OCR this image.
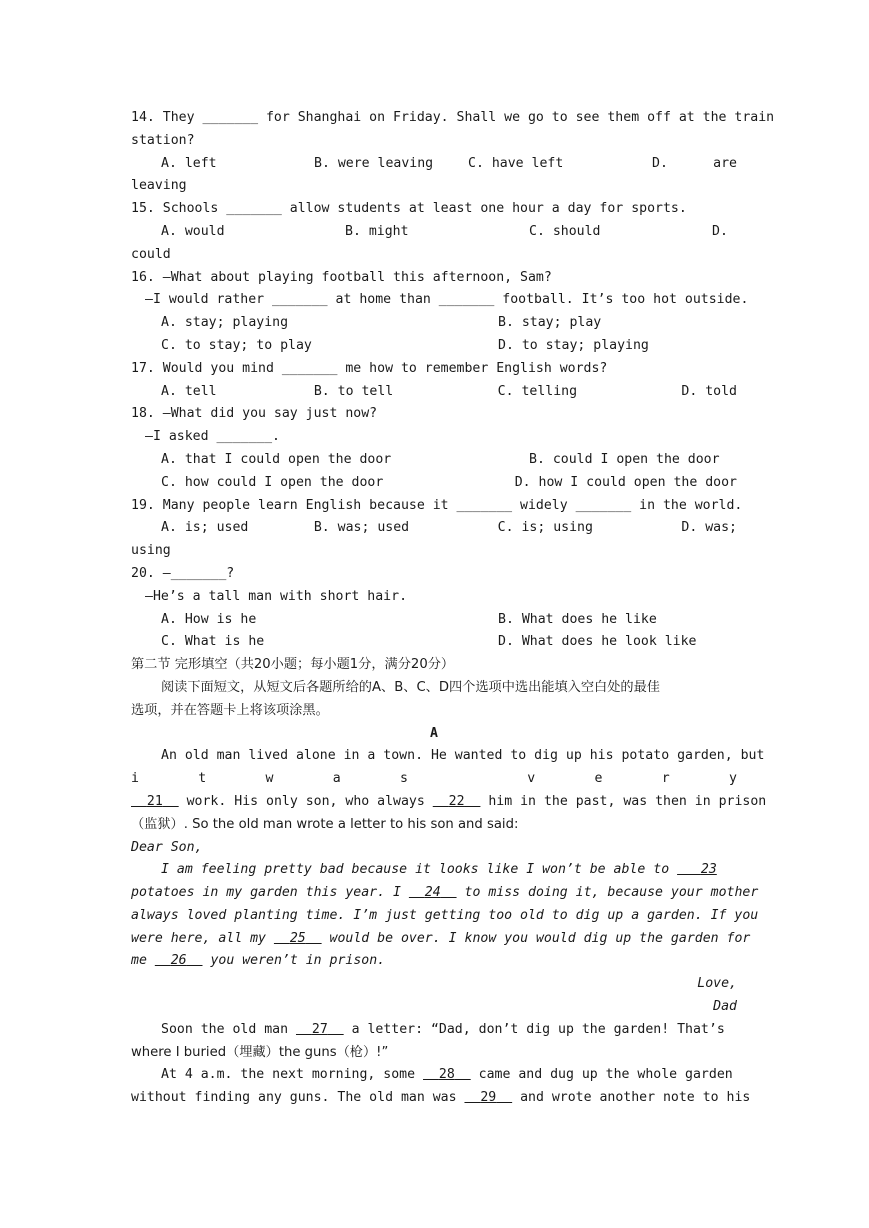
14. They _______ for Shanghai on Friday. Shall we go to see them off at the train
station?
A. left	B. were leaving	C. have left	D.	are
leaving
15. Schools _______ allow students at least one hour a day for sports.
A. would	B. might	C. should	D.
could
16. —What about playing football this afternoon, Sam?
—I would rather _______ at home than _______ football. It’s too hot outside.
A. stay; playing	B. stay; play
C. to stay; to play	D. to stay; playing
17. Would you mind _______ me how to remember English words?
A. tell	B. to tell	C. telling	D. told
18. —What did you say just now?
—I asked _______.
A. that I could open the door	B. could I open the door
C. how could I open the door	D. how I could open the door
19. Many people learn English because it _______ widely _______ in the world.
A. is; used	B. was; used	C. is; using	D. was;
using
20. —_______?
—He’s a tall man with short hair.
A. How is he	B. What does he like
C. What is he	D. What does he look like
第二节 完形填空（共20小题；每小题1分，满分20分）
阅读下面短文，从短文后各题所给的A、B、C、D四个选项中选出能填入空白处的最佳
选项，并在答题卡上将该项涂黑。
A
An old man lived alone in a town. He wanted to dig up his potato garden, but
i	t	w	a	s	v	e	r	y
21   work. His only son, who always   22   him in the past, was then in prison
（监狱）. So the old man wrote a letter to his son and said:
Dear Son,
I am feeling pretty bad because it looks like I won’t be able to    23
potatoes in my garden this year. I   24   to miss doing it, because your mother
always loved planting time. I’m just getting too old to dig up a garden. If you
were here, all my   25   would be over. I know you would dig up the garden for
me   26   you weren’t in prison.
Love,
Dad
Soon the old man   27   a letter: “Dad, don’t dig up the garden! That’s
where I buried（埋藏）the guns（枪）!”
At 4 a.m. the next morning, some   28   came and dug up the whole garden
without finding any guns. The old man was   29   and wrote another note to his
